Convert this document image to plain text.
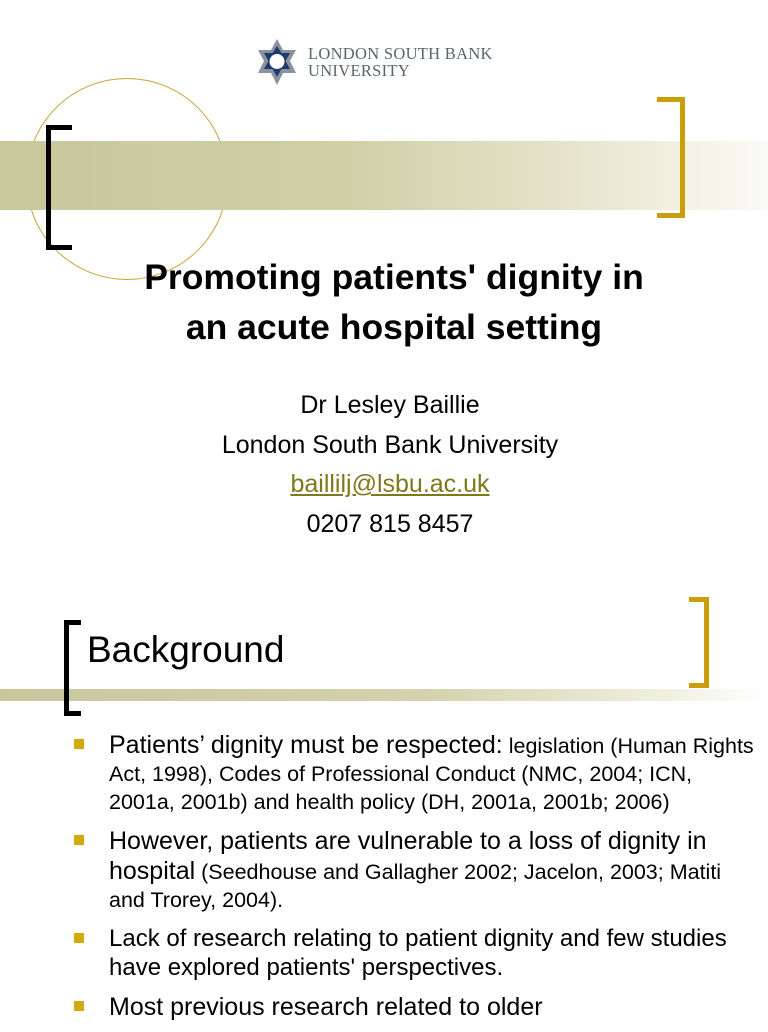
LONDON SOUTH BANK
UNIVERSITY
Promoting patients' dignity in
an acute hospital setting
Dr Lesley Baillie
London South Bank University
baillilj@lsbu.ac.uk
0207 815 8457
Background
Patients’ dignity must be respected: legislation (Human Rights Act, 1998), Codes of Professional Conduct (NMC, 2004; ICN, 2001a, 2001b) and health policy (DH, 2001a, 2001b; 2006)
However, patients are vulnerable to a loss of dignity in hospital (Seedhouse and Gallagher 2002; Jacelon, 2003; Matiti and Trorey, 2004).
Lack of research relating to patient dignity and few studies have explored patients' perspectives.
Most previous research related to older
